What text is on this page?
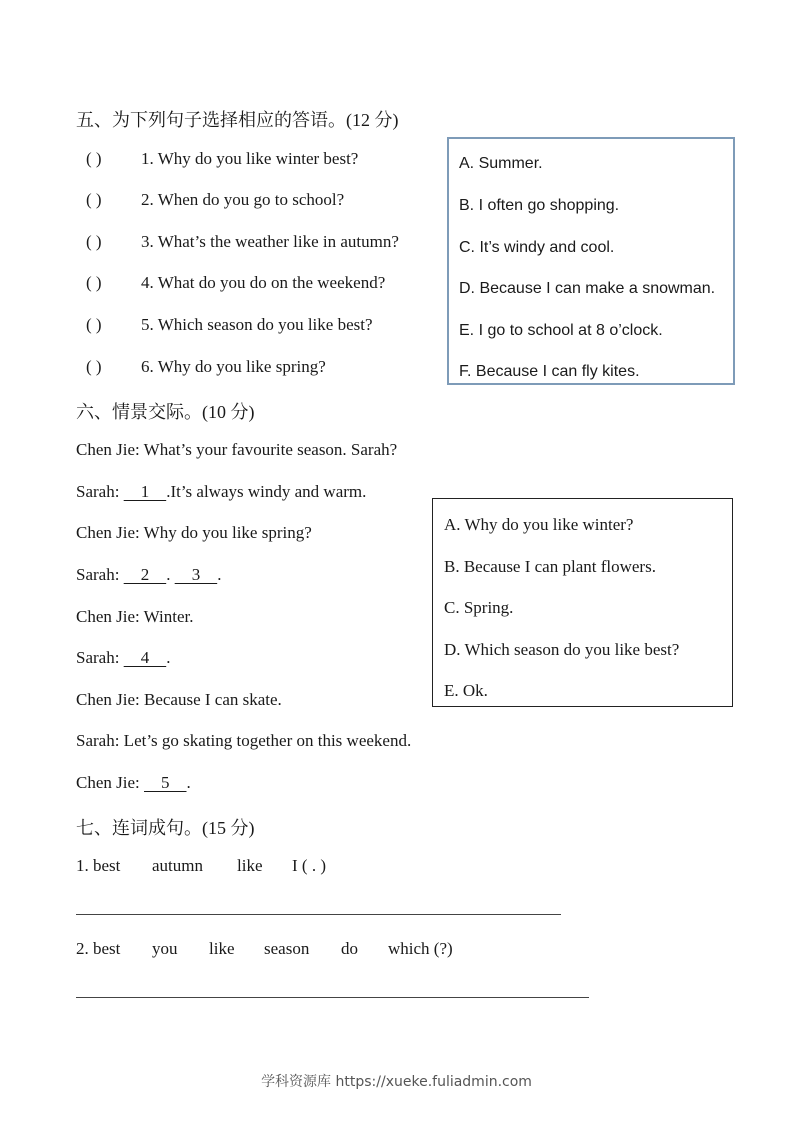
五、为下列句子选择相应的答语。(12 分)
( ) 1. Why do you like winter best?
( ) 2. When do you go to school?
( ) 3. What’s the weather like in autumn?
( ) 4. What do you do on the weekend?
( ) 5. Which season do you like best?
( ) 6. Why do you like spring?
A. Summer.
B. I often go shopping.
C. It’s windy and cool.
D. Because I can make a snowman.
E. I go to school at 8 o’clock.
F. Because I can fly kites.
六、情景交际。(10 分)
Chen Jie: What’s your favourite season. Sarah?
Sarah:     1    .It’s always windy and warm.
Chen Jie: Why do you like spring?
Sarah:     2    .     3    .
Chen Jie: Winter.
Sarah:     4    .
Chen Jie: Because I can skate.
Sarah: Let’s go skating together on this weekend.
Chen Jie:     5    .
A. Why do you like winter?
B. Because I can plant flowers.
C. Spring.
D. Which season do you like best?
E. Ok.
七、连词成句。(15 分)
1. best autumn like I ( . )
2. best you like season do which (?)
学科资源库 https://xueke.fuliadmin.com
